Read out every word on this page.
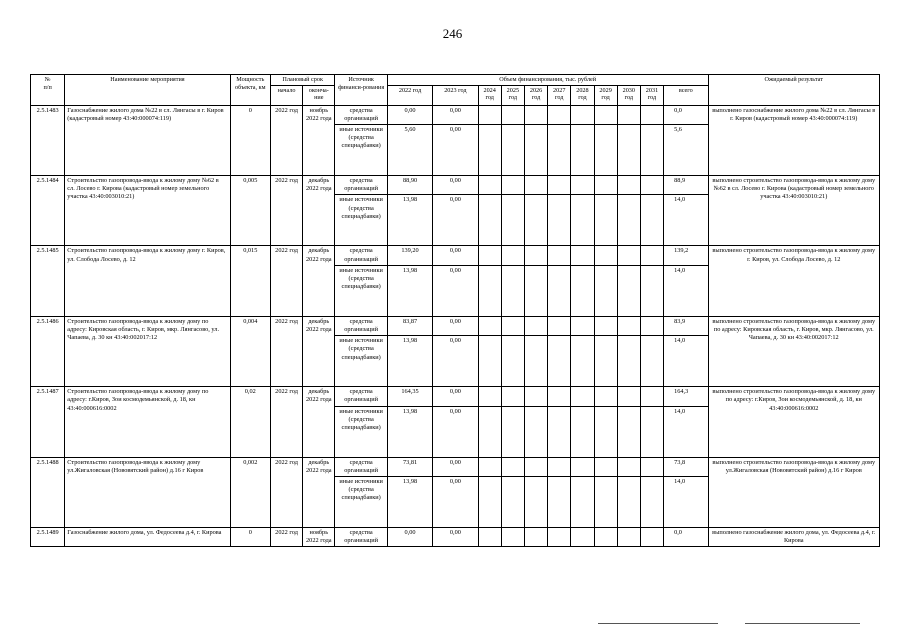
246
№
п/п	Наименование мероприятия	Мощность объекта, км	Плановый срок		Источник финанси-рования	Объем финансирования, тыс. рублей											Ожидаемый результат
			начало	оконча-ние		2022 год	2023 год	2024 год	2025 год	2026 год	2027 год	2028 год	2029 год	2030 год	2031 год	всего	

2.5.1483	Газоснабжение жилого дома №22 в сл. Лянгасы в г. Киров (кадастровый номер 43:40:000074:119)	0	2022 год	ноябрь 2022 года	средства организаций	0,00	0,00									0,0	выполнено газоснабжение жилого дома №22 в сл. Лянгасы в г. Киров (кадастровый номер 43:40:000074:119)
					иные источники (средства спецнадбавки)	5,60	0,00									5,6	
2.5.1484	Строительство газопровода-ввода к жилому дому №62 в сл. Лосево г. Кирова (кадастровый номер земельного участка 43:40:003010:21)	0,005	2022 год	декабрь 2022 года	средства организаций	88,90	0,00									88,9	выполнено строительство газопровода-ввода к жилому дому №62 в сл. Лосево г. Кирова (кадастровый номер земельного участка 43:40:003010:21)
					иные источники (средства спецнадбавки)	13,98	0,00									14,0	
2.5.1485	Строительство газопровода-ввода к жилому дому г. Киров, ул. Слобода Лосево, д. 12	0,015	2022 год	декабрь 2022 года	средства организаций	139,20	0,00									139,2	выполнено строительство газопровода-ввода к жилому дому г. Киров, ул. Слобода Лосево, д. 12
					иные источники (средства спецнадбавки)	13,98	0,00									14,0	
2.5.1486	Строительство газопровода-ввода к жилому дому по адресу: Кировская область, г. Киров, мкр. Лянгасово, ул. Чапаева, д. 30 кн 43:40:002017:12	0,004	2022 год	декабрь 2022 года	средства организаций	83,87	0,00									83,9	выполнено строительство газопровода-ввода к жилому дому по адресу: Кировская область, г. Киров, мкр. Лянгасово, ул. Чапаева, д. 30 кн 43:40:002017:12
					иные источники (средства спецнадбавки)	13,98	0,00									14,0	
2.5.1487	Строительство газопровода-ввода к жилому дому по адресу: г.Киров, Зои космодемьянской, д. 18, кн 43:40:000616:0002	0,02	2022 год	декабрь 2022 года	средства организаций	164,35	0,00									164,3	выполнено строительство газопровода-ввода к жилому дому по адресу: г.Киров, Зои космодемьянской, д. 18, кн 43:40:000616:0002
					иные источники (средства спецнадбавки)	13,98	0,00									14,0	
2.5.1488	Строительство газопровода-ввода к жилому дому ул.Жигаловская (Нововятский район) д.16 г Киров	0,002	2022 год	декабрь 2022 года	средства организаций	73,81	0,00									73,8	выполнено строительство газопровода-ввода к жилому дому ул.Жигаловская (Нововятский район) д.16 г Киров
					иные источники (средства спецнадбавки)	13,98	0,00									14,0	
2.5.1489	Газоснабжение жилого дома, ул. Федосеева д.4, г. Кирова	0	2022 год	ноябрь 2022 года	средства организаций	0,00	0,00									0,0	выполнено газоснабжение жилого дома, ул. Федосеева д.4, г. Кирова
